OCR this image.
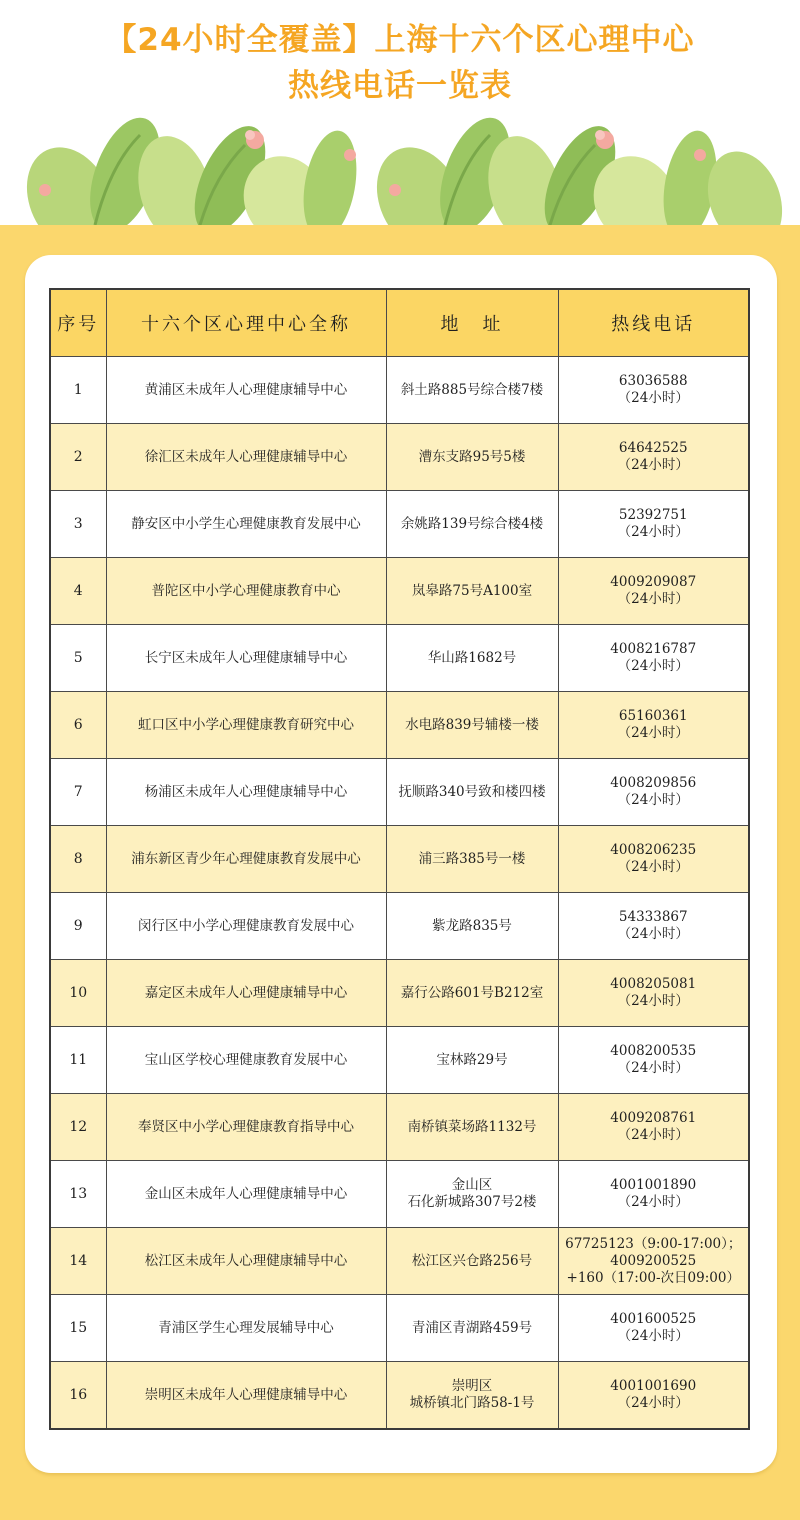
【24小时全覆盖】上海十六个区心理中心
热线电话一览表
序号	十六个区心理中心全称	地　址	热线电话
1	黄浦区未成年人心理健康辅导中心	斜土路885号综合楼7楼	63036588
（24小时）

2	徐汇区未成年人心理健康辅导中心	漕东支路95号5楼	64642525
（24小时）

3	静安区中小学生心理健康教育发展中心	余姚路139号综合楼4楼	52392751
（24小时）

4	普陀区中小学心理健康教育中心	岚皋路75号A100室	4009209087
（24小时）

5	长宁区未成年人心理健康辅导中心	华山路1682号	4008216787
（24小时）

6	虹口区中小学心理健康教育研究中心	水电路839号辅楼一楼	65160361
（24小时）

7	杨浦区未成年人心理健康辅导中心	抚顺路340号致和楼四楼	4008209856
（24小时）

8	浦东新区青少年心理健康教育发展中心	浦三路385号一楼	4008206235
（24小时）

9	闵行区中小学心理健康教育发展中心	紫龙路835号	54333867
（24小时）

10	嘉定区未成年人心理健康辅导中心	嘉行公路601号B212室	4008205081
（24小时）

11	宝山区学校心理健康教育发展中心	宝林路29号	4008200535
（24小时）

12	奉贤区中小学心理健康教育指导中心	南桥镇菜场路1132号	4009208761
（24小时）

13	金山区未成年人心理健康辅导中心	金山区
石化新城路307号2楼	4001001890
（24小时）

14	松江区未成年人心理健康辅导中心	松江区兴仓路256号	67725123（9:00-17:00）；
4009200525
+160（17:00-次日09:00）

15	青浦区学生心理发展辅导中心	青浦区青湖路459号	4001600525
（24小时）

16	崇明区未成年人心理健康辅导中心	崇明区
城桥镇北门路58-1号	4001001690
（24小时）
